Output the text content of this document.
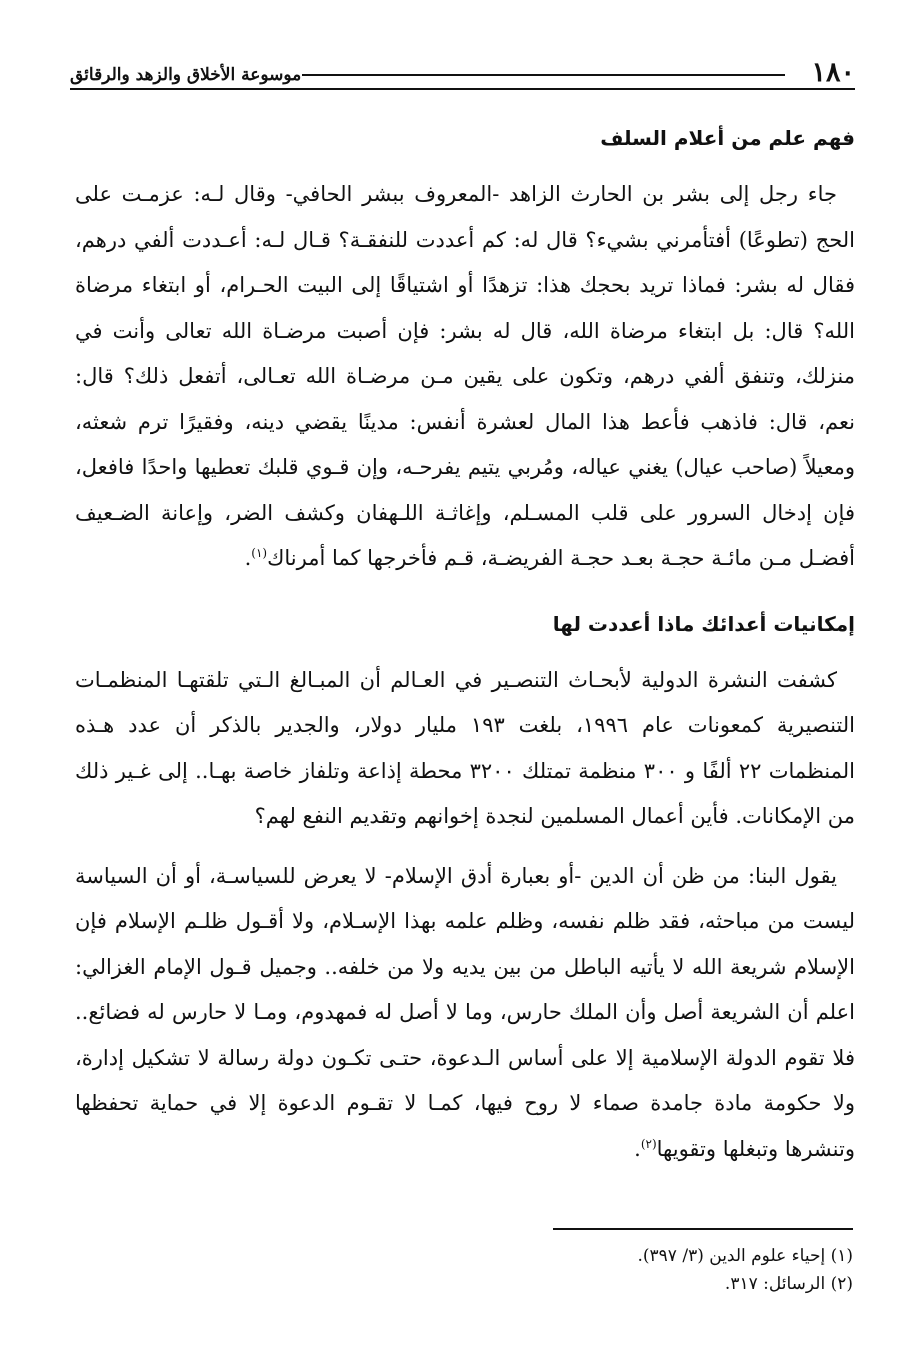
١٨٠
موسوعة الأخلاق والزهد والرقائق
فهم علم من أعلام السلف

جاء رجل إلى بشر بن الحارث الزاهد -المعروف ببشر الحافي- وقال لـه: عزمـت على الحج (تطوعًا) أفتأمرني بشيء؟ قال له: كم أعددت للنفقـة؟ قـال لـه: أعـددت ألفي درهم، فقال له بشر: فماذا تريد بحجك هذا: تزهدًا أو اشتياقًا إلى البيت الحـرام، أو ابتغاء مرضاة الله؟ قال: بل ابتغاء مرضاة الله، قال له بشر: فإن أصبت مرضـاة الله تعالى وأنت في منزلك، وتنفق ألفي درهم، وتكون على يقين مـن مرضـاة الله تعـالى، أتفعل ذلك؟ قال: نعم، قال: فاذهب فأعط هذا المال لعشرة أنفس: مدينًا يقضي دينه، وفقيرًا ترم شعثه، ومعيلاً (صاحب عيال) يغني عياله، ومُربي يتيم يفرحـه، وإن قـوي قلبك تعطيها واحدًا فافعل، فإن إدخال السرور على قلب المسـلم، وإغاثـة اللـهفان وكشف الضر، وإعانة الضـعيف أفضـل مـن مائـة حجـة بعـد حجـة الفريضـة، قـم فأخرجها كما أمرناك$^{(١)}$.

إمكانيات أعدائك ماذا أعددت لها

كشفت النشرة الدولية لأبحـاث التنصـير في العـالم أن المبـالغ الـتي تلقتهـا المنظمـات التنصيرية كمعونات عام ١٩٩٦، بلغت ١٩٣ مليار دولار، والجدير بالذكر أن عدد هـذه المنظمات ٢٢ ألفًا و ٣٠٠ منظمة تمتلك ٣٢٠٠ محطة إذاعة وتلفاز خاصة بهـا.. إلى غـير ذلك من الإمكانات. فأين أعمال المسلمين لنجدة إخوانهم وتقديم النفع لهم؟

يقول البنا: من ظن أن الدين -أو بعبارة أدق الإسلام- لا يعرض للسياسـة، أو أن السياسة ليست من مباحثه، فقد ظلم نفسه، وظلم علمه بهذا الإسـلام، ولا أقـول ظلـم الإسلام فإن الإسلام شريعة الله لا يأتيه الباطل من بين يديه ولا من خلفه.. وجميل قـول الإمام الغزالي: اعلم أن الشريعة أصل وأن الملك حارس، وما لا أصل له فمهدوم، ومـا لا حارس له فضائع.. فلا تقوم الدولة الإسلامية إلا على أساس الـدعوة، حتـى تكـون دولة رسالة لا تشكيل إدارة، ولا حكومة مادة جامدة صماء لا روح فيها، كمـا لا تقـوم الدعوة إلا في حماية تحفظها وتنشرها وتبغلها وتقويها$^{(٢)}$.

(١) إحياء علوم الدين (٣/ ٣٩٧).

(٢) الرسائل: ٣١٧.
